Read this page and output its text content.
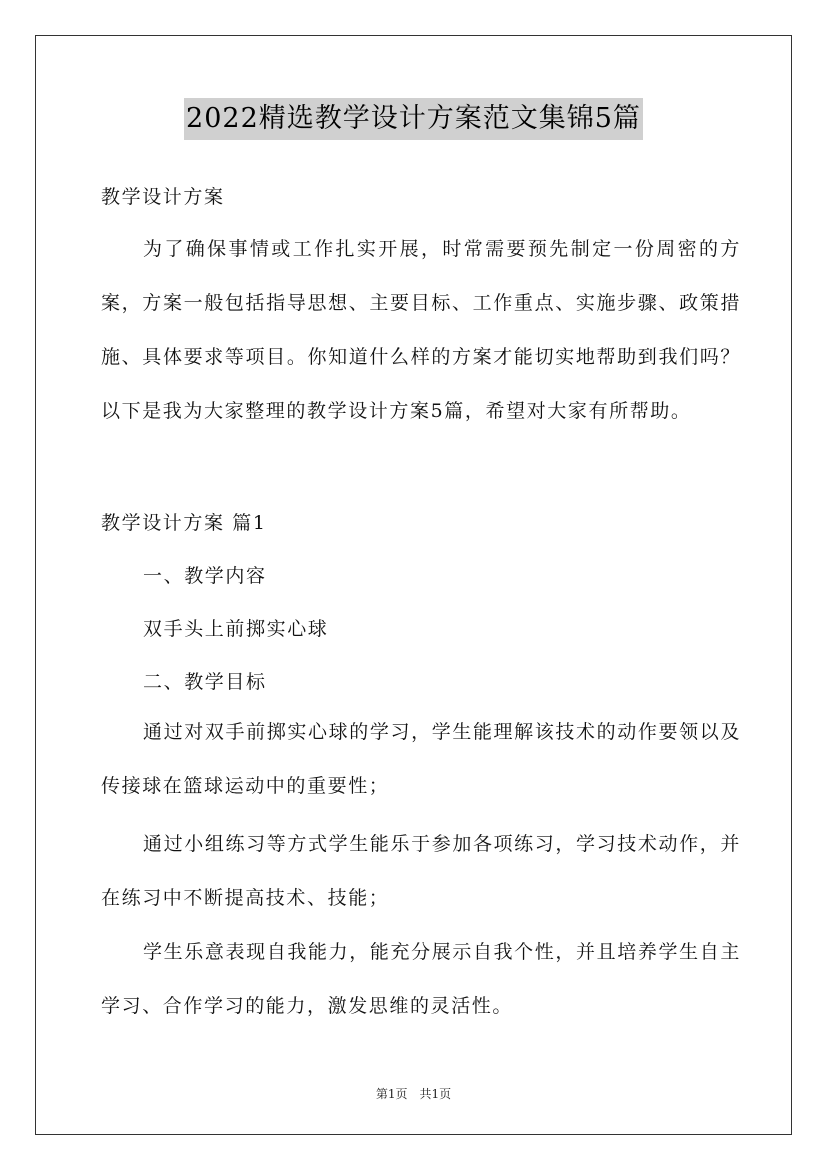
2022精选教学设计方案范文集锦5篇
教学设计方案
为了确保事情或工作扎实开展，时常需要预先制定一份周密的方案，方案一般包括指导思想、主要目标、工作重点、实施步骤、政策措施、具体要求等项目。你知道什么样的方案才能切实地帮助到我们吗？以下是我为大家整理的教学设计方案5篇，希望对大家有所帮助。
教学设计方案 篇1
一、教学内容
双手头上前掷实心球
二、教学目标
通过对双手前掷实心球的学习，学生能理解该技术的动作要领以及传接球在篮球运动中的重要性；
通过小组练习等方式学生能乐于参加各项练习，学习技术动作，并在练习中不断提高技术、技能；
学生乐意表现自我能力，能充分展示自我个性，并且培养学生自主学习、合作学习的能力，激发思维的灵活性。
第1页　共1页
